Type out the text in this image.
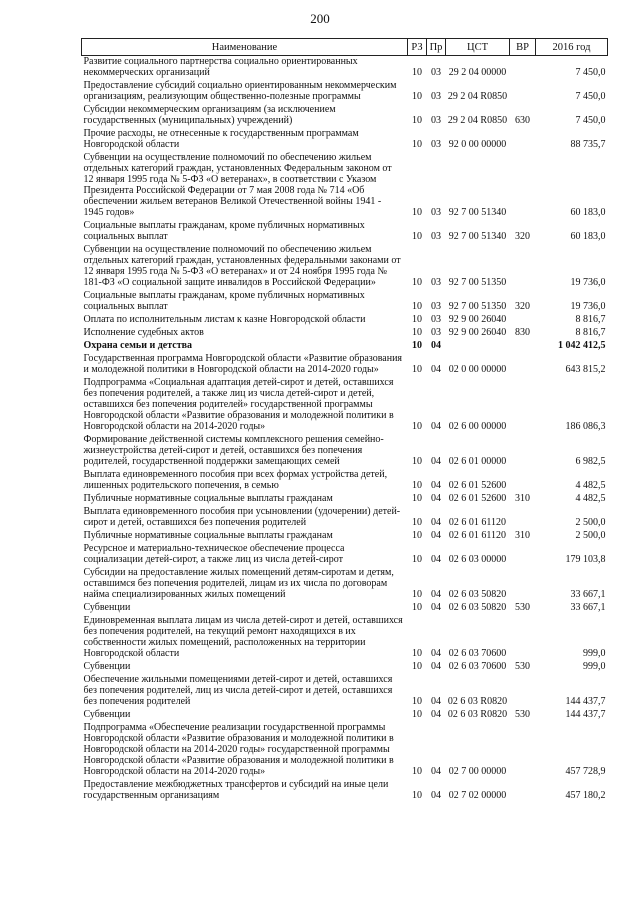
200
Наименование	РЗ	Пр	ЦСТ	ВР	2016 год
Развитие социального партнерства социально ориентированных некоммерческих организаций	10	03	29 2 04 00000		7 450,0
Предоставление субсидий социально ориентированным некоммерческим организациям, реализующим общественно-полезные программы	10	03	29 2 04 R0850		7 450,0
Субсидии некоммерческим организациям (за исключением государственных (муниципальных) учреждений)	10	03	29 2 04 R0850	630	7 450,0
Прочие расходы, не отнесенные к государственным программам Новгородской области	10	03	92 0 00 00000		88 735,7
Субвенции на осуществление полномочий по обеспечению жильем отдельных категорий граждан, установленных Федеральным законом от 12 января 1995 года № 5-ФЗ «О ветеранах», в соответствии с Указом Президента Российской Федерации от 7 мая 2008 года № 714 «Об обеспечении жильем ветеранов Великой Отечественной войны 1941 - 1945 годов»	10	03	92 7 00 51340		60 183,0
Социальные выплаты гражданам, кроме публичных нормативных социальных выплат	10	03	92 7 00 51340	320	60 183,0
Субвенции на осуществление полномочий по обеспечению жильем отдельных категорий граждан, установленных федеральными законами от 12 января 1995 года № 5-ФЗ «О ветеранах» и от 24 ноября 1995 года № 181-ФЗ «О социальной защите инвалидов в Российской Федерации»	10	03	92 7 00 51350		19 736,0
Социальные выплаты гражданам, кроме публичных нормативных социальных выплат	10	03	92 7 00 51350	320	19 736,0
Оплата по исполнительным листам к казне Новгородской области	10	03	92 9 00 26040		8 816,7
Исполнение судебных актов	10	03	92 9 00 26040	830	8 816,7
Охрана семьи и детства	10	04			1 042 412,5
Государственная программа Новгородской области «Развитие образования и молодежной политики в Новгородской области на 2014-2020 годы»	10	04	02 0 00 00000		643 815,2
Подпрограмма «Социальная адаптация детей-сирот и детей, оставшихся без попечения родителей, а также лиц из числа детей-сирот и детей, оставшихся без попечения родителей» государственной программы Новгородской области «Развитие образования и молодежной политики в Новгородской области на 2014-2020 годы»	10	04	02 6 00 00000		186 086,3
Формирование действенной системы комплексного решения семейно-жизнеустройства детей-сирот и детей, оставшихся без попечения родителей, государственной поддержки замещающих семей	10	04	02 6 01 00000		6 982,5
Выплата единовременного пособия при всех формах устройства детей, лишенных родительского попечения, в семью	10	04	02 6 01 52600		4 482,5
Публичные нормативные социальные выплаты гражданам	10	04	02 6 01 52600	310	4 482,5
Выплата единовременного пособия при усыновлении (удочерении) детей-сирот и детей, оставшихся без попечения родителей	10	04	02 6 01 61120		2 500,0
Публичные нормативные социальные выплаты гражданам	10	04	02 6 01 61120	310	2 500,0
Ресурсное и материально-техническое обеспечение процесса социализации детей-сирот, а также лиц из числа детей-сирот	10	04	02 6 03 00000		179 103,8
Субсидии на предоставление жилых помещений детям-сиротам и детям, оставшимся без попечения родителей, лицам из их числа по договорам найма специализированных жилых помещений	10	04	02 6 03 50820		33 667,1
Субвенции	10	04	02 6 03 50820	530	33 667,1
Единовременная выплата лицам из числа детей-сирот и детей, оставшихся без попечения родителей, на текущий ремонт находящихся в их собственности жилых помещений, расположенных на территории Новгородской области	10	04	02 6 03 70600		999,0
Субвенции	10	04	02 6 03 70600	530	999,0
Обеспечение жильными помещениями детей-сирот и детей, оставшихся без попечения родителей, лиц из числа детей-сирот и детей, оставшихся без попечения родителей	10	04	02 6 03 R0820		144 437,7
Субвенции	10	04	02 6 03 R0820	530	144 437,7
Подпрограмма «Обеспечение реализации государственной программы Новгородской области «Развитие образования и молодежной политики в Новгородской области на 2014-2020 годы» государственной программы Новгородской области «Развитие образования и молодежной политики в Новгородской области на 2014-2020 годы»	10	04	02 7 00 00000		457 728,9
Предоставление межбюджетных трансфертов и субсидий на иные цели государственным организациям	10	04	02 7 02 00000		457 180,2
